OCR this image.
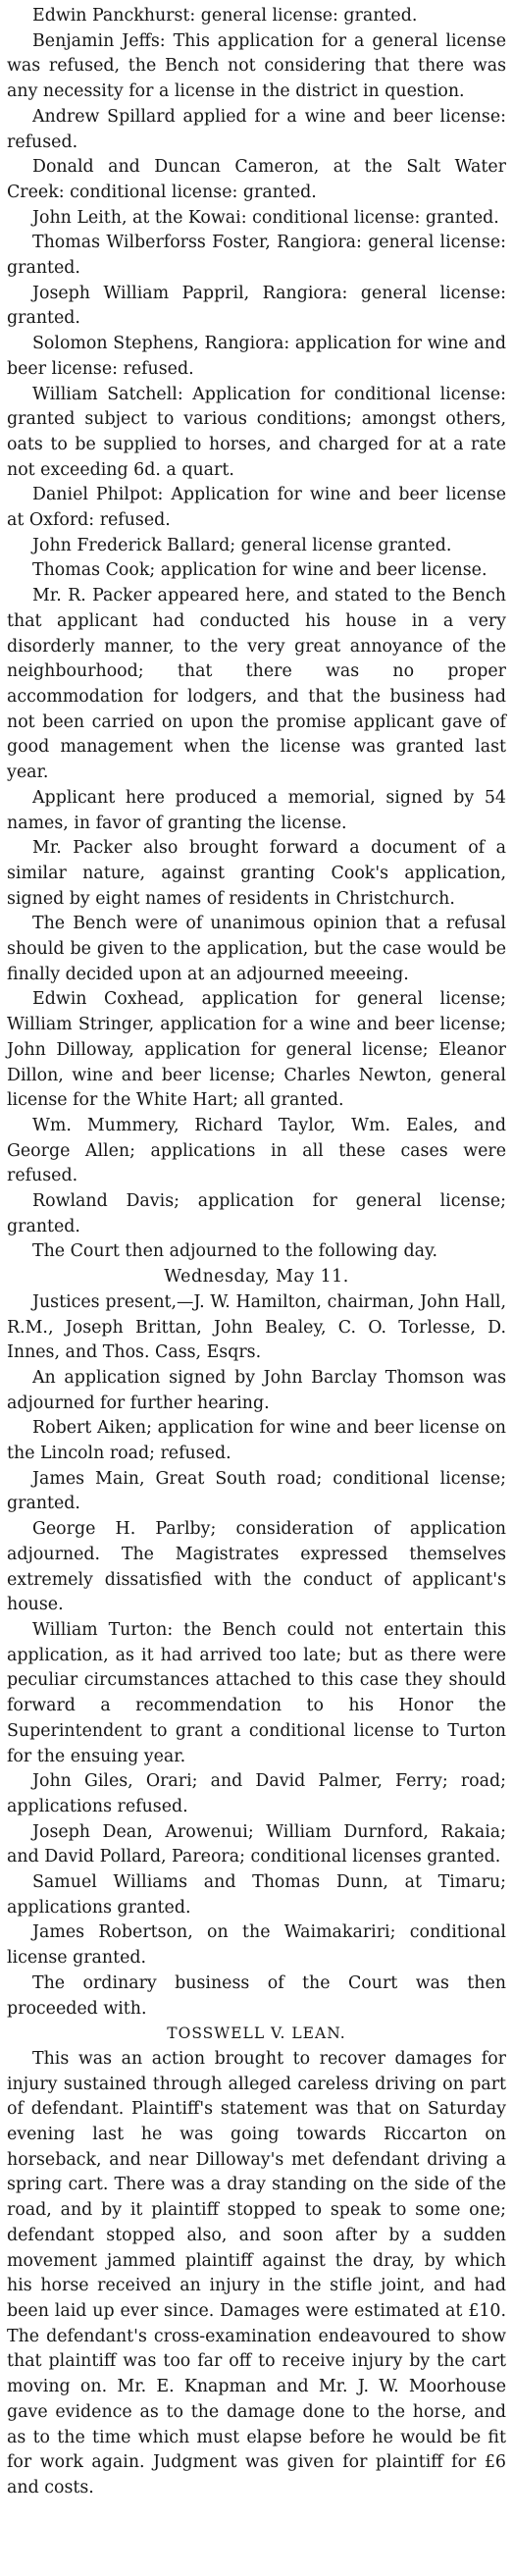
Edwin Panckhurst: general license: granted.

Benjamin Jeffs: This application for a general license was refused, the Bench not considering that there was any necessity for a license in the district in question.

Andrew Spillard applied for a wine and beer license: refused.

Donald and Duncan Cameron, at the Salt Water Creek: conditional license: granted.

John Leith, at the Kowai: conditional license: granted.

Thomas Wilberforss Foster, Rangiora: general license: granted.

Joseph William Pappril, Rangiora: general license: granted.

Solomon Stephens, Rangiora: application for wine and beer license: refused.

William Satchell: Application for conditional license: granted subject to various conditions; amongst others, oats to be supplied to horses, and charged for at a rate not exceeding 6d. a quart.

Daniel Philpot: Application for wine and beer license at Oxford: refused.

John Frederick Ballard; general license granted.

Thomas Cook; application for wine and beer license.

Mr. R. Packer appeared here, and stated to the Bench that applicant had conducted his house in a very disorderly manner, to the very great annoyance of the neighbourhood; that there was no proper accommodation for lodgers, and that the business had not been carried on upon the promise applicant gave of good management when the license was granted last year.

Applicant here produced a memorial, signed by 54 names, in favor of granting the license.

Mr. Packer also brought forward a document of a similar nature, against granting Cook's application, signed by eight names of residents in Christchurch.

The Bench were of unanimous opinion that a refusal should be given to the application, but the case would be finally decided upon at an adjourned meeeing.

Edwin Coxhead, application for general license; William Stringer, application for a wine and beer license; John Dilloway, application for general license; Eleanor Dillon, wine and beer license; Charles Newton, general license for the White Hart; all granted.

Wm. Mummery, Richard Taylor, Wm. Eales, and George Allen; applications in all these cases were refused.

Rowland Davis; application for general license; granted.

The Court then adjourned to the following day.

Wednesday, May 11.

Justices present,—J. W. Hamilton, chairman, John Hall, R.M., Joseph Brittan, John Bealey, C. O. Torlesse, D. Innes, and Thos. Cass, Esqrs.

An application signed by John Barclay Thomson was adjourned for further hearing.

Robert Aiken; application for wine and beer license on the Lincoln road; refused.

James Main, Great South road; conditional license; granted.

George H. Parlby; consideration of application adjourned. The Magistrates expressed themselves extremely dissatisfied with the conduct of applicant's house.

William Turton: the Bench could not entertain this application, as it had arrived too late; but as there were peculiar circumstances attached to this case they should forward a recommendation to his Honor the Superintendent to grant a conditional license to Turton for the ensuing year.

John Giles, Orari; and David Palmer, Ferry; road; applications refused.

Joseph Dean, Arowenui; William Durnford, Rakaia; and David Pollard, Pareora; conditional licenses granted.

Samuel Williams and Thomas Dunn, at Timaru; applications granted.

James Robertson, on the Waimakariri; conditional license granted.

The ordinary business of the Court was then proceeded with.

TOSSWELL V. LEAN.

This was an action brought to recover damages for injury sustained through alleged careless driving on part of defendant. Plaintiff's statement was that on Saturday evening last he was going towards Riccarton on horseback, and near Dilloway's met defendant driving a spring cart. There was a dray standing on the side of the road, and by it plaintiff stopped to speak to some one; defendant stopped also, and soon after by a sudden movement jammed plaintiff against the dray, by which his horse received an injury in the stifle joint, and had been laid up ever since. Damages were estimated at £10. The defendant's cross-examination endeavoured to show that plaintiff was too far off to receive injury by the cart moving on. Mr. E. Knapman and Mr. J. W. Moorhouse gave evidence as to the damage done to the horse, and as to the time which must elapse before he would be fit for work again. Judgment was given for plaintiff for £6 and costs.
